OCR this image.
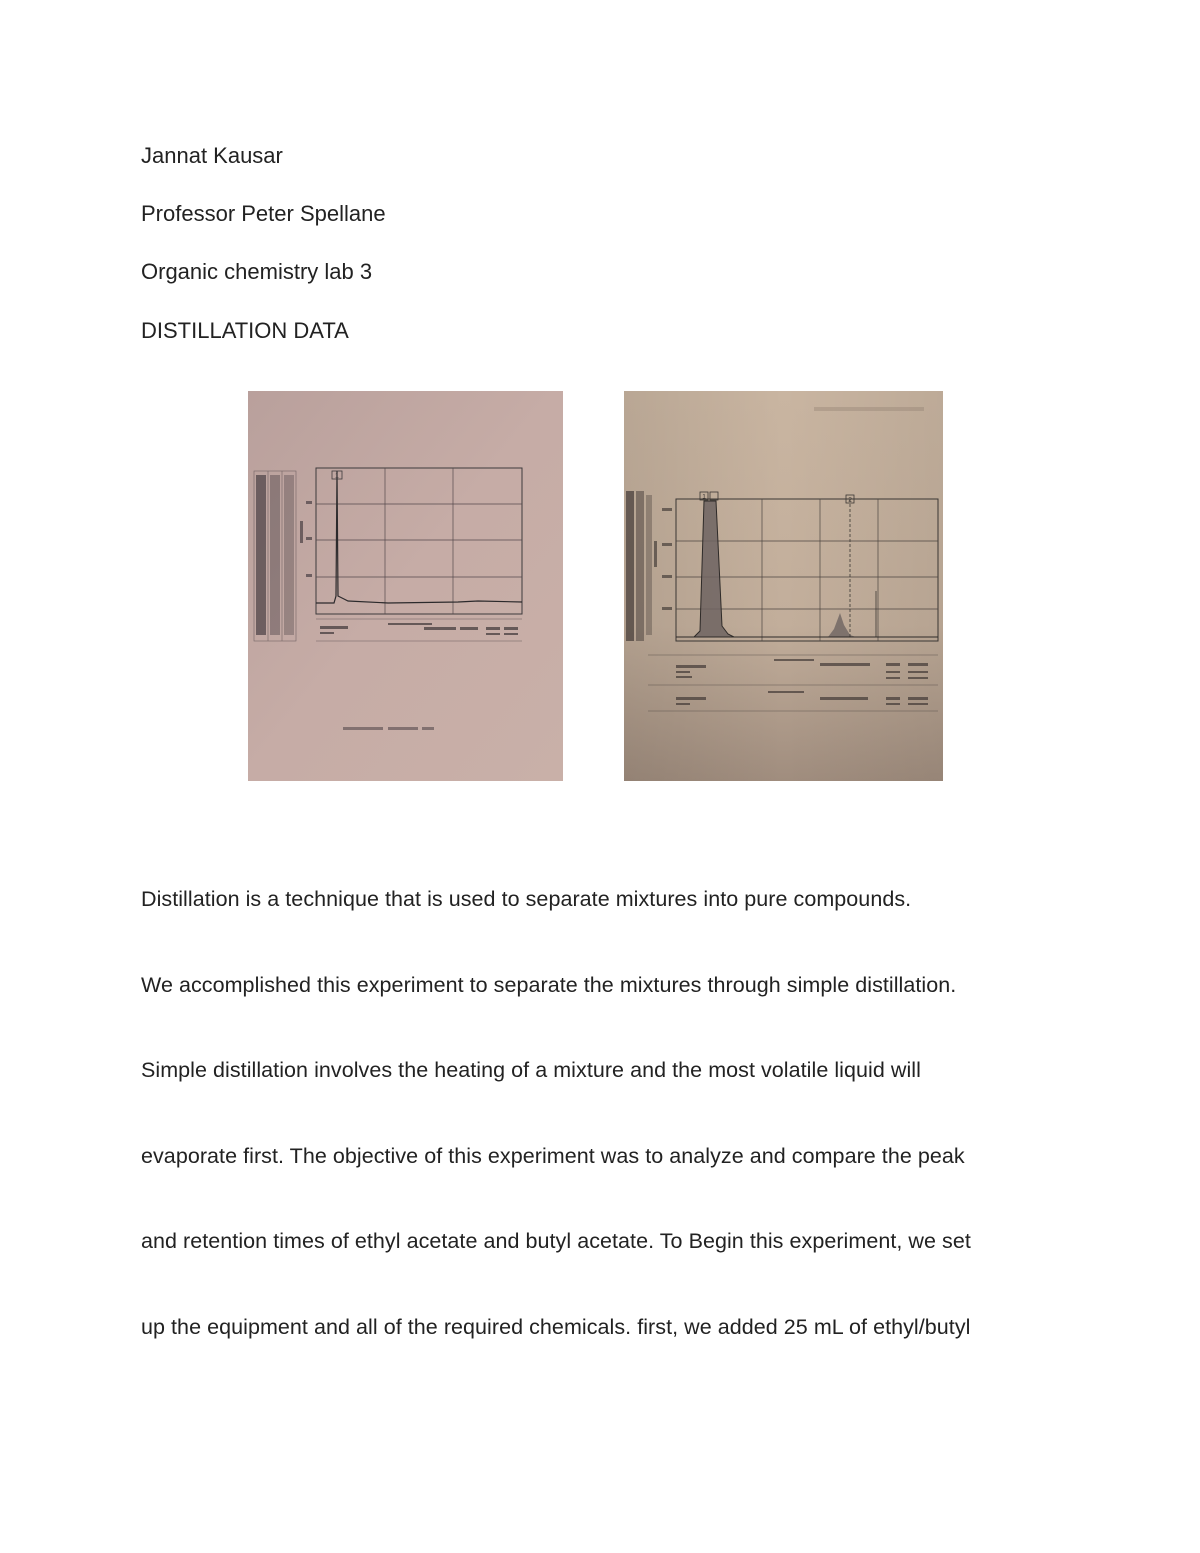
Jannat Kausar
Professor Peter Spellane
Organic chemistry lab 3
DISTILLATION DATA
1
1	2
Distillation is a technique that is used to separate mixtures into pure compounds.
We accomplished this experiment to separate the mixtures through simple distillation.
Simple distillation involves the heating of a mixture and the most volatile liquid will
evaporate first. The objective of this experiment was to analyze and compare the peak
and retention times of ethyl acetate and butyl acetate. To Begin this experiment, we set
up the equipment and all of the required chemicals. first, we added 25 mL of ethyl/butyl
